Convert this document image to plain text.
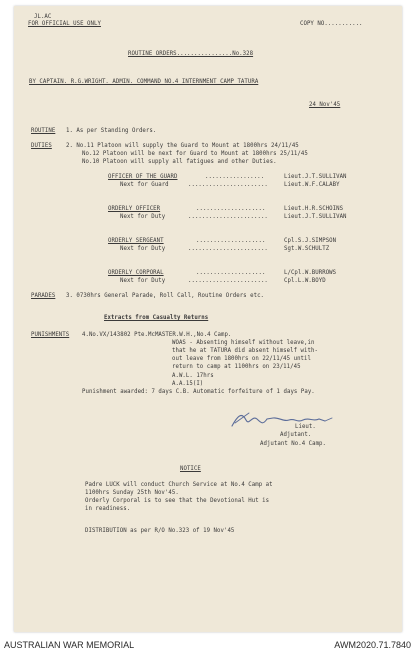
JL.AC
FOR OFFICIAL USE ONLY	COPY NO...........
ROUTINE ORDERS................No.328
BY CAPTAIN. R.G.WRIGHT. ADMIN. COMMAND NO.4 INTERNMENT CAMP TATURA
24 Nov'45
ROUTINE 1. As per Standing Orders.
DUTIES 2. No.11 Platoon will supply the Guard to Mount at 1800hrs 24/11/45
No.12 Platoon will be next for Guard to Mount at 1800hrs 25/11/45
No.10 Platoon will supply all fatigues and other Duties.
OFFICER OF THE GUARD	.................	Lieut.J.T.SULLIVAN
Next for Guard	.......................	Lieut.W.F.CALABY
ORDERLY OFFICER	....................	Lieut.H.R.SCHOINS
Next for Duty	.......................	Lieut.J.T.SULLIVAN
ORDERLY SERGEANT	....................	Cpl.S.J.SIMPSON
Next for Duty	.......................	Sgt.W.SCHULTZ
ORDERLY CORPORAL	....................	L/Cpl.W.BURROWS
Next for Duty	.......................	Cpl.L.W.BOYD
PARADES 3. 0730hrs General Parade, Roll Call, Routine Orders etc.
Extracts from Casualty Returns
PUNISHMENTS 4.No.VX/143802 Pte.McMASTER.W.H.,No.4 Camp.
WOAS - Absenting himself without leave,in
that he at TATURA did absent himself with-
out leave from 1800hrs on 22/11/45 until
return to camp at 1100hrs on 23/11/45
A.W.L. 17hrs
A.A.15(I)
Punishment awarded: 7 days C.B. Automatic forfeiture of 1 days Pay.
Lieut.
Adjutant.
Adjutant No.4 Camp.
NOTICE
Padre LUCK will conduct Church Service at No.4 Camp at
1100hrs Sunday 25th Nov'45.
Orderly Corporal is to see that the Devotional Hut is
in readiness.
DISTRIBUTION as per R/O No.323 of 19 Nov'45
AUSTRALIAN WAR MEMORIAL	AWM2020.71.7840
